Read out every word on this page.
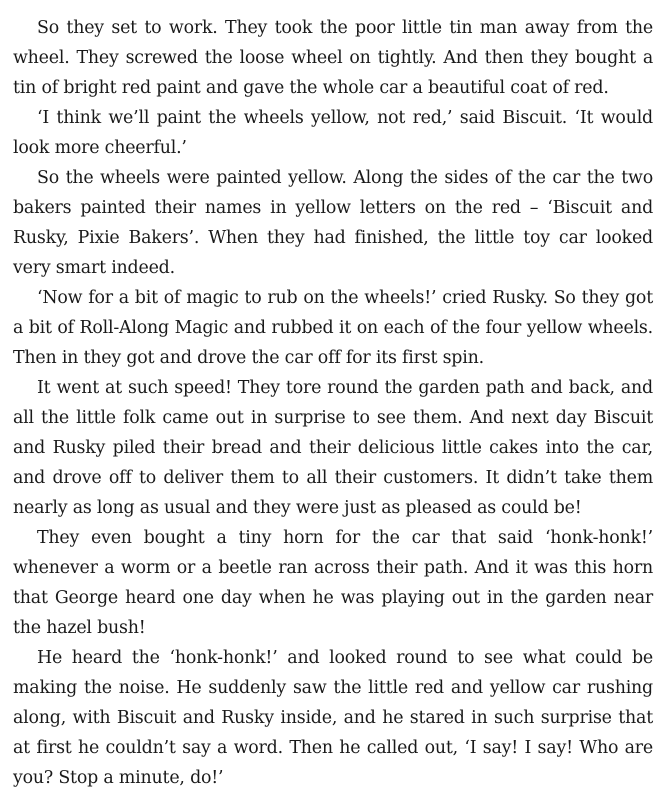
So they set to work. They took the poor little tin man away from the wheel. They screwed the loose wheel on tightly. And then they bought a tin of bright red paint and gave the whole car a beautiful coat of red.

‘I think we’ll paint the wheels yellow, not red,’ said Biscuit. ‘It would look more cheerful.’

So the wheels were painted yellow. Along the sides of the car the two bakers painted their names in yellow letters on the red – ‘Biscuit and Rusky, Pixie Bakers’. When they had finished, the little toy car looked very smart indeed.

‘Now for a bit of magic to rub on the wheels!’ cried Rusky. So they got a bit of Roll-Along Magic and rubbed it on each of the four yellow wheels. Then in they got and drove the car off for its first spin.

It went at such speed! They tore round the garden path and back, and all the little folk came out in surprise to see them. And next day Biscuit and Rusky piled their bread and their delicious little cakes into the car, and drove off to deliver them to all their customers. It didn’t take them nearly as long as usual and they were just as pleased as could be!

They even bought a tiny horn for the car that said ‘honk-honk!’ whenever a worm or a beetle ran across their path. And it was this horn that George heard one day when he was playing out in the garden near the hazel bush!

He heard the ‘honk-honk!’ and looked round to see what could be making the noise. He suddenly saw the little red and yellow car rushing along, with Biscuit and Rusky inside, and he stared in such surprise that at first he couldn’t say a word. Then he called out, ‘I say! I say! Who are you? Stop a minute, do!’
